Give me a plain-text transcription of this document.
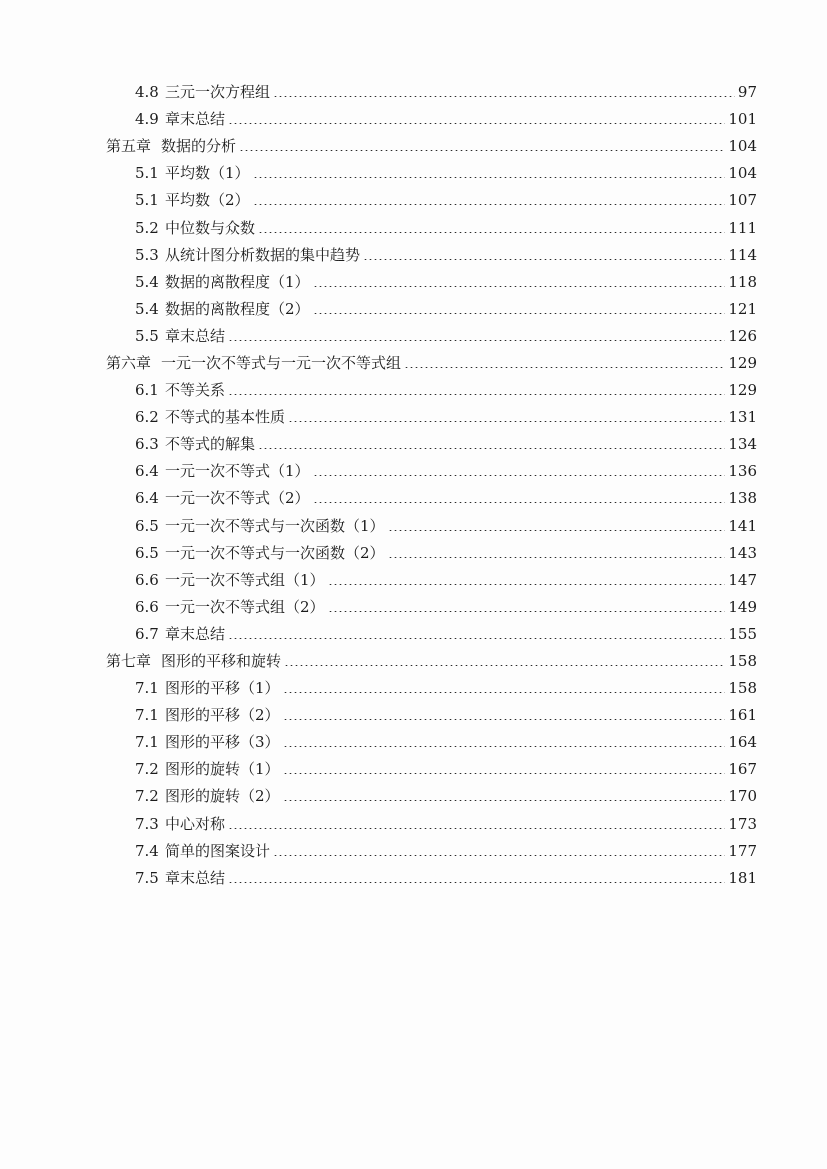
4.8 三元一次方程组	97
4.9 章末总结	101
第五章 数据的分析	104
5.1 平均数（1）	104
5.1 平均数（2）	107
5.2 中位数与众数	111
5.3 从统计图分析数据的集中趋势	114
5.4 数据的离散程度（1）	118
5.4 数据的离散程度（2）	121
5.5 章末总结	126
第六章 一元一次不等式与一元一次不等式组	129
6.1 不等关系	129
6.2 不等式的基本性质	131
6.3 不等式的解集	134
6.4 一元一次不等式（1）	136
6.4 一元一次不等式（2）	138
6.5 一元一次不等式与一次函数（1）	141
6.5 一元一次不等式与一次函数（2）	143
6.6 一元一次不等式组（1）	147
6.6 一元一次不等式组（2）	149
6.7 章末总结	155
第七章 图形的平移和旋转	158
7.1 图形的平移（1）	158
7.1 图形的平移（2）	161
7.1 图形的平移（3）	164
7.2 图形的旋转（1）	167
7.2 图形的旋转（2）	170
7.3 中心对称	173
7.4 简单的图案设计	177
7.5 章末总结	181
